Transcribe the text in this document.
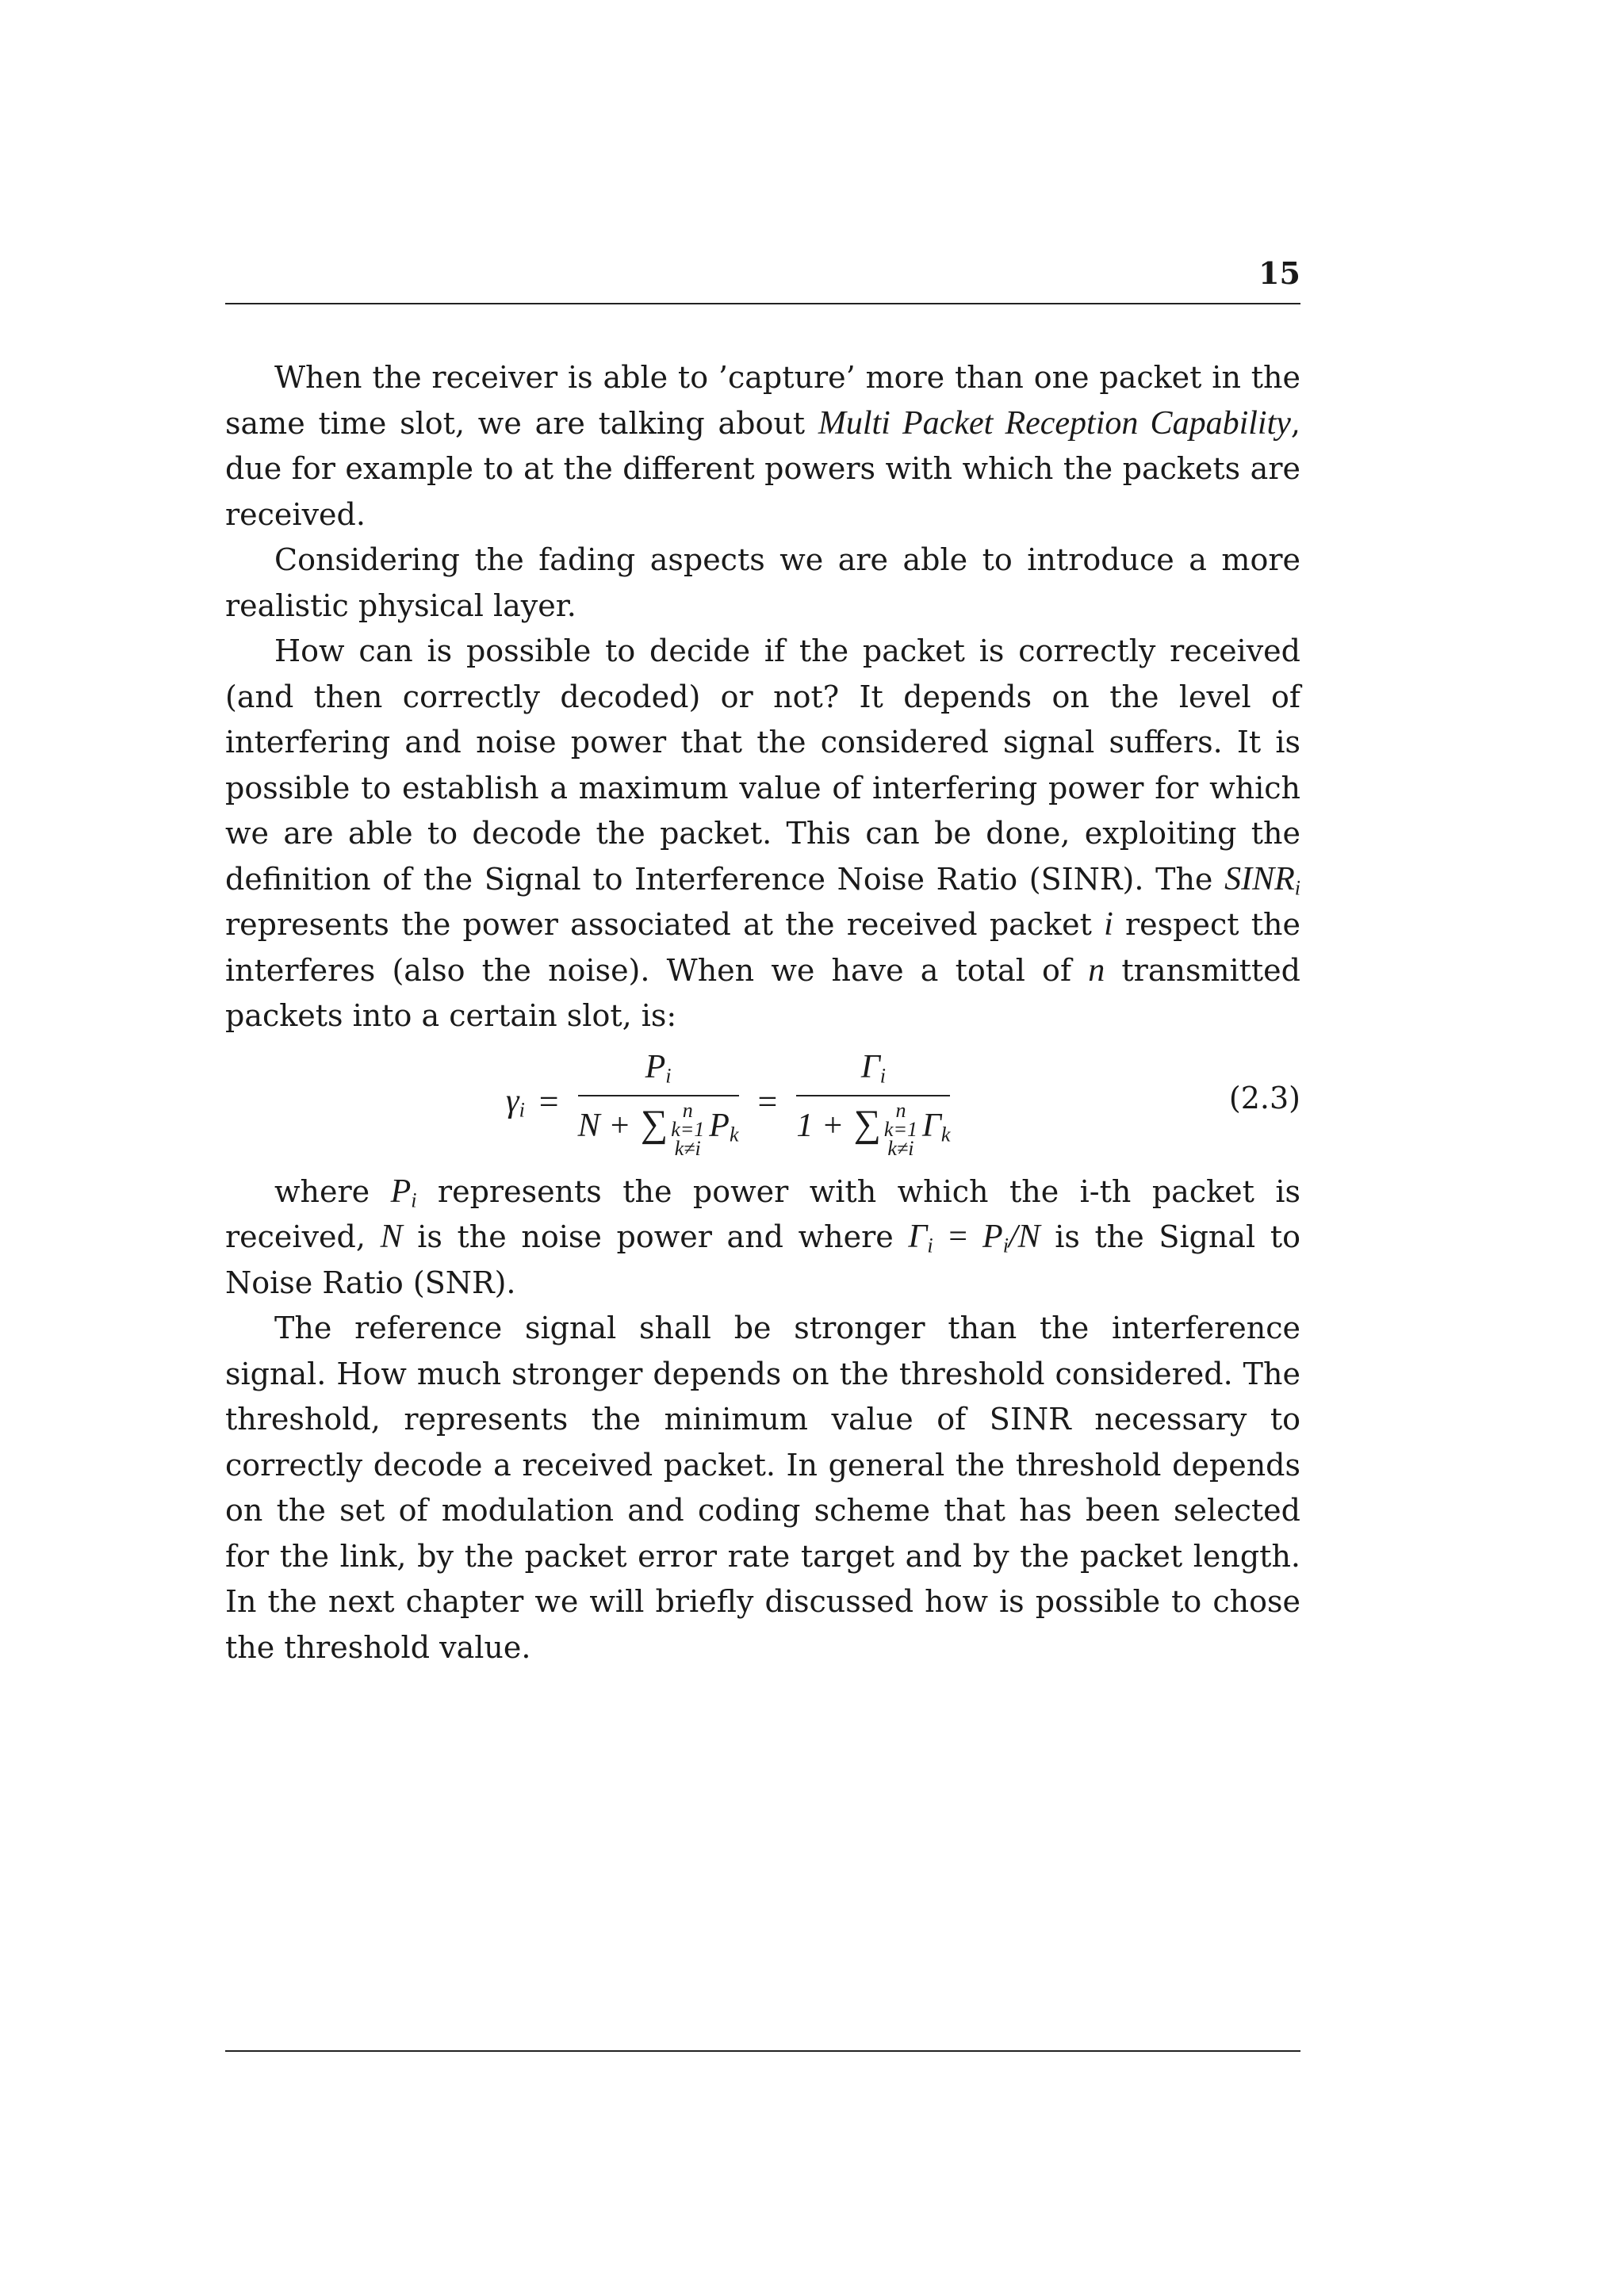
15

When the receiver is able to ’capture’ more than one packet in the same time slot, we are talking about Multi Packet Reception Capability, due for example to at the different powers with which the packets are received.

Considering the fading aspects we are able to introduce a more realistic physical layer.

How can is possible to decide if the packet is correctly received (and then correctly decoded) or not? It depends on the level of interfering and noise power that the considered signal suffers. It is possible to establish a maximum value of interfering power for which we are able to decode the packet. This can be done, exploiting the definition of the Signal to Interference Noise Ratio (SINR). The $SINR_i$ represents the power associated at the received packet i respect the interferes (also the noise). When we have a total of n transmitted packets into a certain slot, is:

$\gamma_i = P_i$
N + ∑ n
k=1
k≠i
$P_k = \Gamma_i$
1 + ∑ n
k=1
k≠i
$\Gamma_k$	(2.3)

where $P_i$ represents the power with which the i-th packet is received, N is the noise power and where $\Gamma_i = P_i/N$ is the Signal to Noise Ratio (SNR).

The reference signal shall be stronger than the interference signal. How much stronger depends on the threshold considered. The threshold, represents the minimum value of SINR necessary to correctly decode a received packet. In general the threshold depends on the set of modulation and coding scheme that has been selected for the link, by the packet error rate target and by the packet length. In the next chapter we will briefly discussed how is possible to chose the threshold value.
